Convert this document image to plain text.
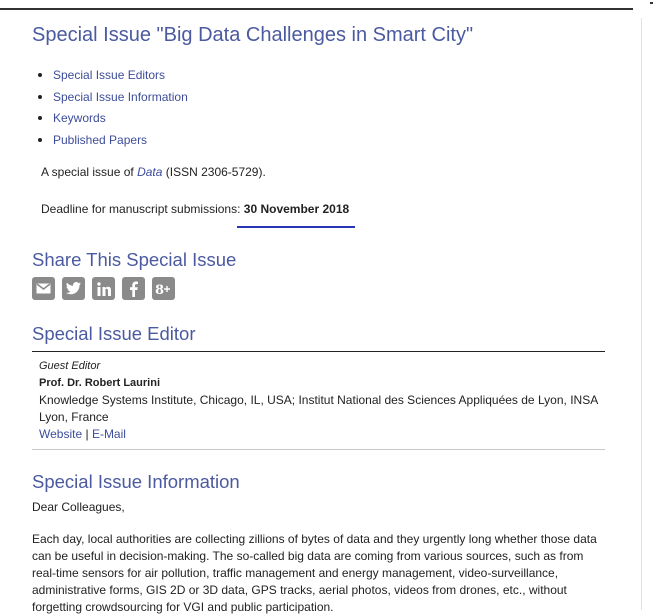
Special Issue "Big Data Challenges in Smart City"
Special Issue Editors
Special Issue Information
Keywords
Published Papers
A special issue of Data (ISSN 2306-5729).
Deadline for manuscript submissions: 30 November 2018
Share This Special Issue
8
Special Issue Editor
Guest Editor
Prof. Dr. Robert Laurini
Knowledge Systems Institute, Chicago, IL, USA; Institut National des Sciences Appliquées de Lyon, INSA Lyon, France
Website | E-Mail
Special Issue Information
Dear Colleagues,
Each day, local authorities are collecting zillions of bytes of data and they urgently long whether those data can be useful in decision-making. The so-called big data are coming from various sources, such as from real-time sensors for air pollution, traffic management and energy management, video-surveillance, administrative forms, GIS 2D or 3D data, GPS tracks, aerial photos, videos from drones, etc., without forgetting crowdsourcing for VGI and public participation.
